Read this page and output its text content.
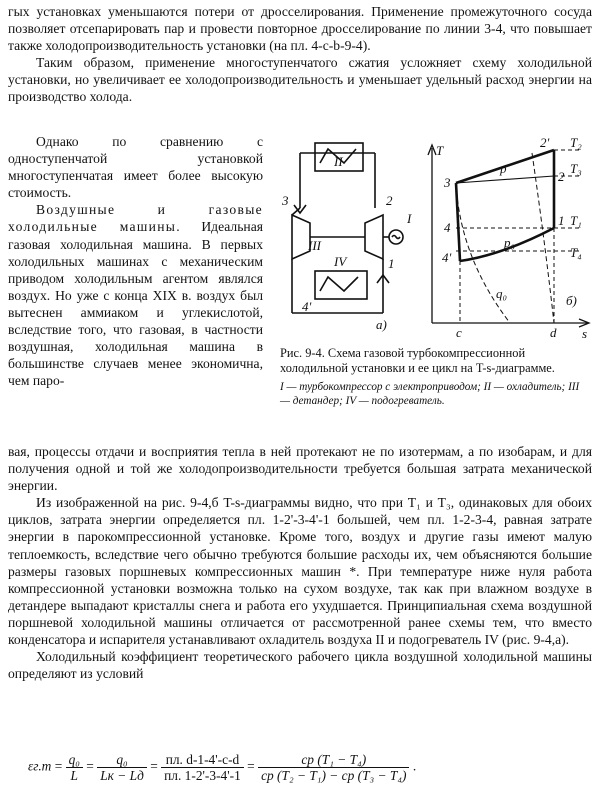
гых установках уменьшаются потери от дросселирования. Применение промежуточного сосуда позволяет отсепарировать пар и провести повторное дросселирование по линии 3-4, что повышает также холодопроизводительность установки (на пл. 4-c-b-9-4).

Таким образом, применение многоступенчатого сжатия усложняет схему холодильной установки, но увеличивает ее холодопроизводительность и уменьшает удельный расход энергии на производство холода.

Однако по сравнению с одноступенчатой установкой многоступенчатая имеет более высокую стоимость.

Воздушные и газовые холодильные машины. Идеальная газовая холодильная машина. В первых холодильных машинах с механическим приводом холодильным агентом являлся воздух. Но уже с конца XIX в. воздух был вытеснен аммиаком и углекислотой, вследствие того, что газовая, в частности воздушная, холодильная машина в большинстве случаев менее экономична, чем паро-

II
I
III
IV
3	2
1
4'
а)
T
s
2'
2
3
4
4'
1
c	d
p
p₀
q₀
T₂
T₃
T₁
T₄
б)
Рис. 9-4. Схема газовой турбокомпрессионной холодильной установки и ее цикл на T-s-диаграмме.
I — турбокомпрессор с электроприводом; II — охладитель; III — детандер; IV — подогреватель.

вая, процессы отдачи и восприятия тепла в ней протекают не по изотермам, а по изобарам, и для получения одной и той же холодопроизводительности требуется большая затрата механической энергии.

Из изображенной на рис. 9-4,б T-s-диаграммы видно, что при T₁ и T₃, одинаковых для обоих циклов, затрата энергии определяется пл. 1-2'-3-4'-1 большей, чем пл. 1-2-3-4, равная затрате энергии в парокомпрессионной установке. Кроме того, воздух и другие газы имеют малую теплоемкость, вследствие чего обычно требуются большие расходы их, чем объясняются большие размеры газовых поршневых компрессионных машин *. При температуре ниже нуля работа компрессионной установки возможна только на сухом воздухе, так как при влажном воздухе в детандере выпадают кристаллы снега и работа его ухудшается. Принципиальная схема воздушной поршневой холодильной машины отличается от рассмотренной ранее схемы тем, что вместо конденсатора и испарителя устанавливают охладитель воздуха II и подогреватель IV (рис. 9-4,а).

Холодильный коэффициент теоретического рабочего цикла воздушной холодильной машины определяют из условий

$\varepsilon г.т = \frac{\text{q₀}}{L} = \frac{\text{q₀}}{Lк - Lд} = \frac{пл. d-1-4'-c-d}{пл. 1-2'-3-4'-1} = \frac{\text{cp (T₁ − T₄)}}{\text{cp (T₂ − T₁) − cp (T₃ − T₄)}}$ .
